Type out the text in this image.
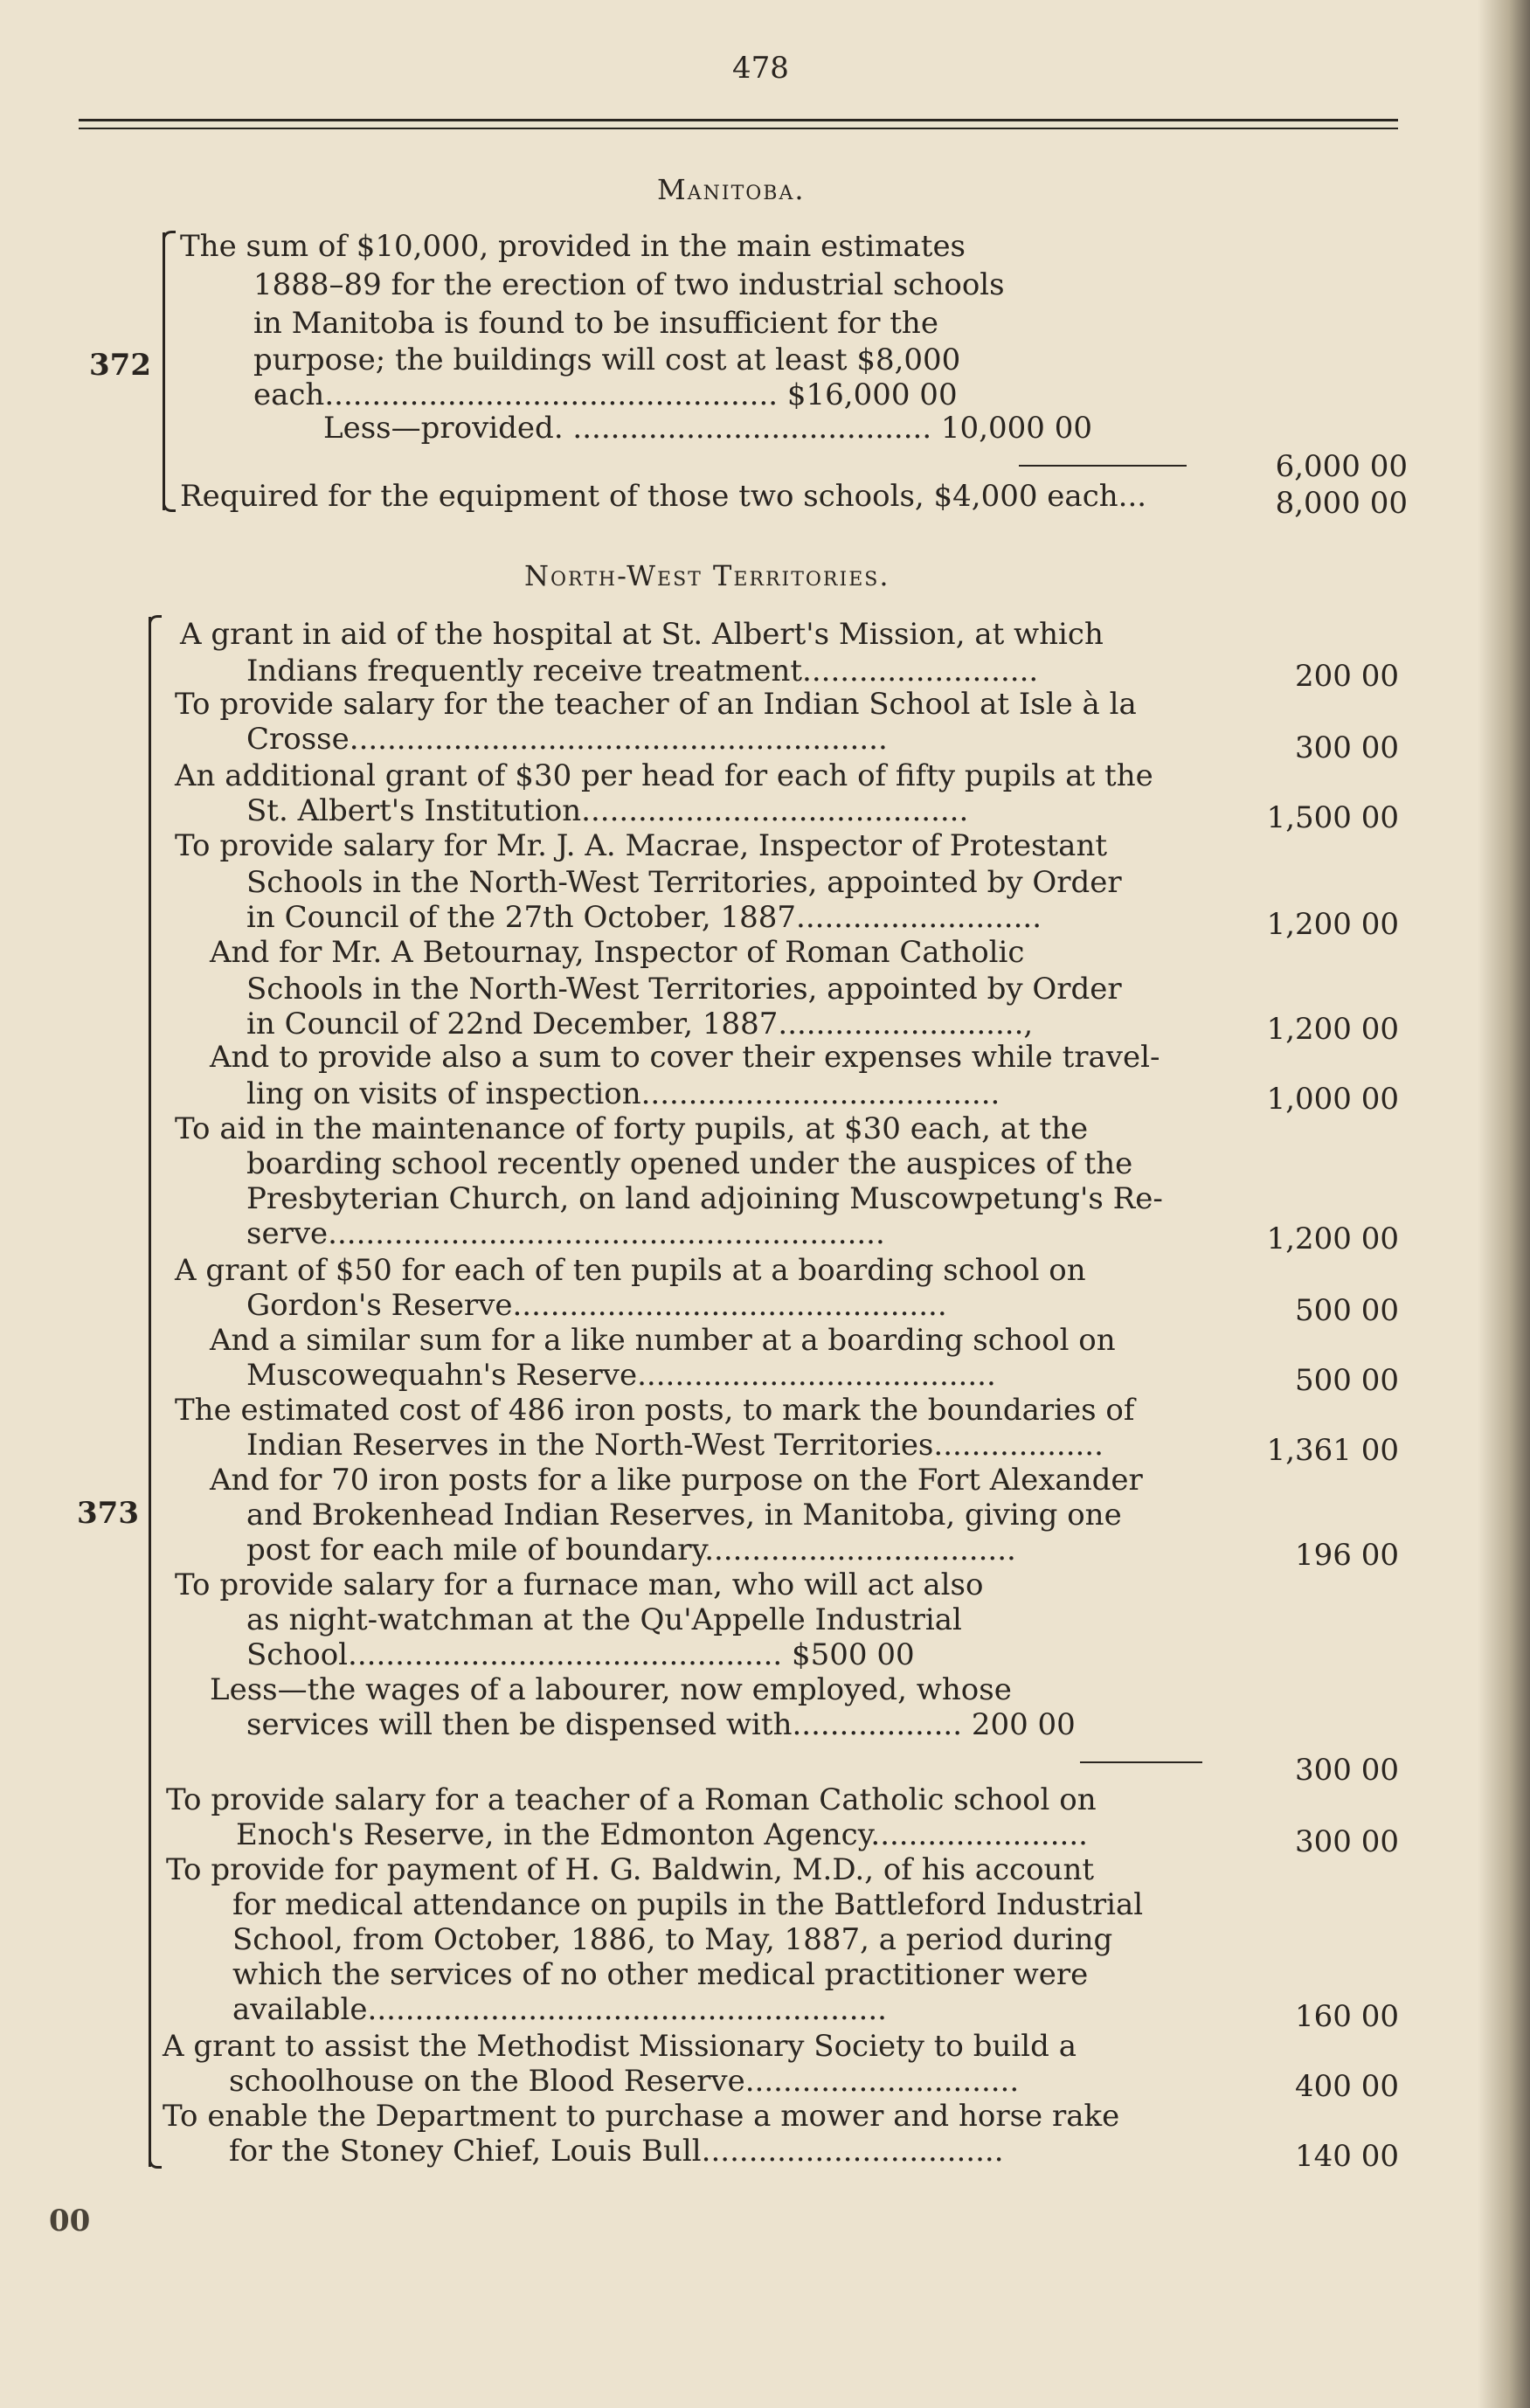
478
Manitoba.
372
The sum of $10,000, provided in the main estimates
1888–89 for the erection of two industrial schools
in Manitoba is found to be insufficient for the
purpose; the buildings will cost at least $8,000
each................................................ $16,000 00
Less—provided. ...................................... 10,000 00
6,000 00
Required for the equipment of those two schools, $4,000 each...	8,000 00
North-West Territories.
373
A grant in aid of the hospital at St. Albert's Mission, at which
Indians frequently receive treatment.........................	200 00
To provide salary for the teacher of an Indian School at Isle à la
Crosse.........................................................	300 00
An additional grant of $30 per head for each of fifty pupils at the
St. Albert's Institution.........................................	1,500 00
To provide salary for Mr. J. A. Macrae, Inspector of Protestant
Schools in the North-West Territories, appointed by Order
in Council of the 27th October, 1887..........................	1,200 00
And for Mr. A Betournay, Inspector of Roman Catholic
Schools in the North-West Territories, appointed by Order
in Council of 22nd December, 1887..........................,	1,200 00
And to provide also a sum to cover their expenses while travel-
ling on visits of inspection......................................	1,000 00
To aid in the maintenance of forty pupils, at $30 each, at the
boarding school recently opened under the auspices of the
Presbyterian Church, on land adjoining Muscowpetung's Re-
serve...........................................................	1,200 00
A grant of $50 for each of ten pupils at a boarding school on
Gordon's Reserve..............................................	500 00
And a similar sum for a like number at a boarding school on
Muscowequahn's Reserve......................................	500 00
The estimated cost of 486 iron posts, to mark the boundaries of
Indian Reserves in the North-West Territories..................	1,361 00
And for 70 iron posts for a like purpose on the Fort Alexander
and Brokenhead Indian Reserves, in Manitoba, giving one
post for each mile of boundary.................................	196 00
To provide salary for a furnace man, who will act also
as night-watchman at the Qu'Appelle Industrial
School.............................................. $500 00
Less—the wages of a labourer, now employed, whose
services will then be dispensed with.................. 200 00
300 00
To provide salary for a teacher of a Roman Catholic school on
Enoch's Reserve, in the Edmonton Agency.......................	300 00
To provide for payment of H. G. Baldwin, M.D., of his account
for medical attendance on pupils in the Battleford Industrial
School, from October, 1886, to May, 1887, a period during
which the services of no other medical practitioner were
available.......................................................	160 00
A grant to assist the Methodist Missionary Society to build a
schoolhouse on the Blood Reserve.............................	400 00
To enable the Department to purchase a mower and horse rake
for the Stoney Chief, Louis Bull................................	140 00
00
